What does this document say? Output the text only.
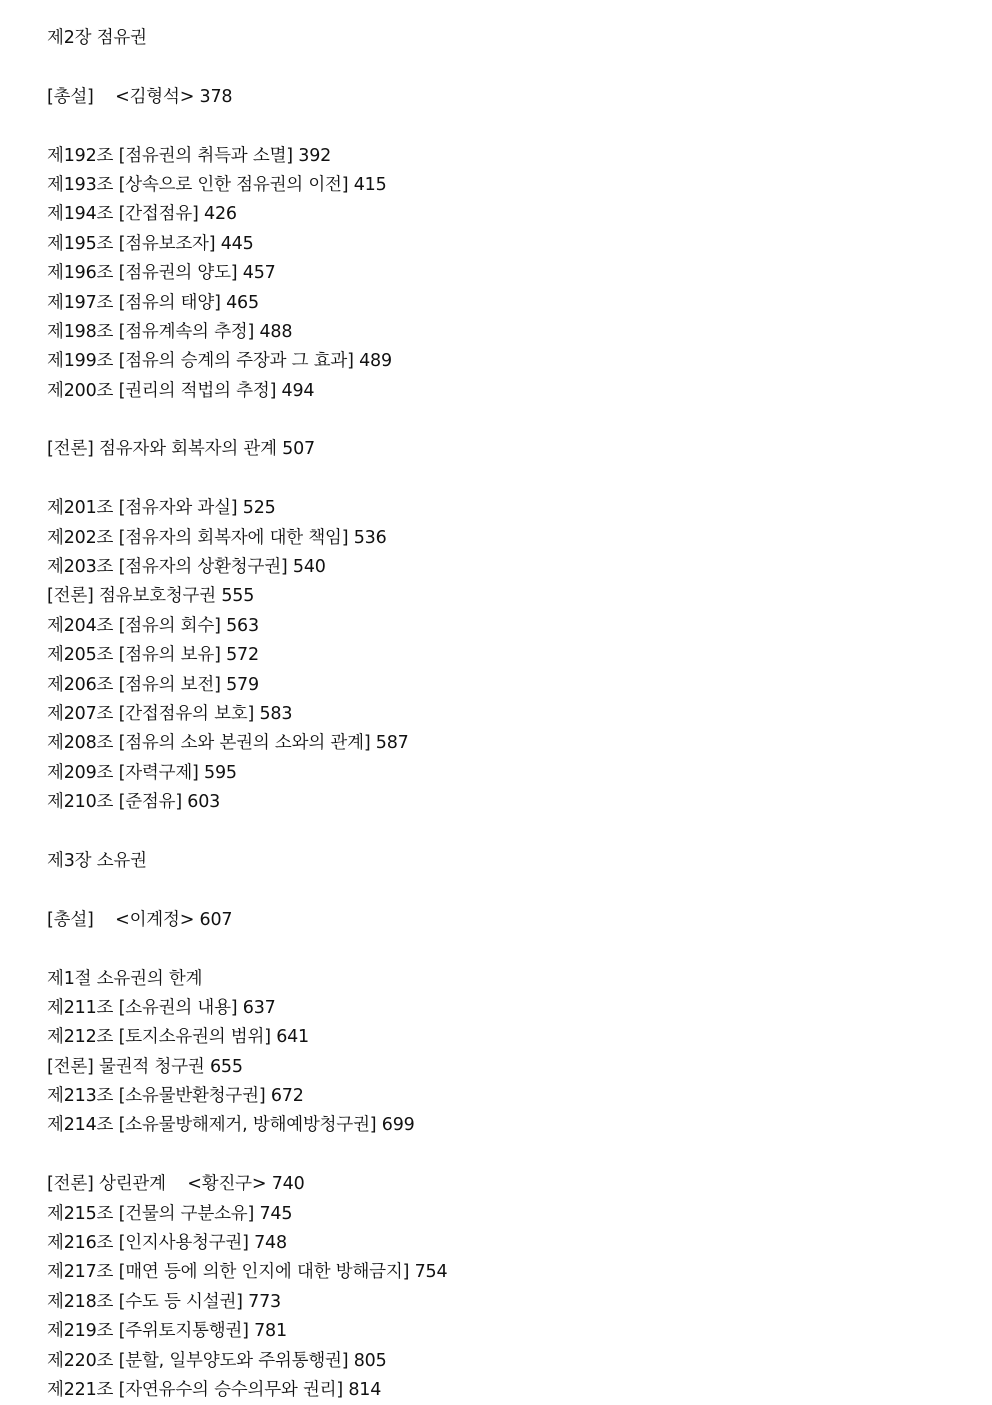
제2장 점유권
[총설]    <김형석> 378
제192조 [점유권의 취득과 소멸] 392
제193조 [상속으로 인한 점유권의 이전] 415
제194조 [간접점유] 426
제195조 [점유보조자] 445
제196조 [점유권의 양도] 457
제197조 [점유의 태양] 465
제198조 [점유계속의 추정] 488
제199조 [점유의 승계의 주장과 그 효과] 489
제200조 [권리의 적법의 추정] 494
[전론] 점유자와 회복자의 관계 507
제201조 [점유자와 과실] 525
제202조 [점유자의 회복자에 대한 책임] 536
제203조 [점유자의 상환청구권] 540
[전론] 점유보호청구권 555
제204조 [점유의 회수] 563
제205조 [점유의 보유] 572
제206조 [점유의 보전] 579
제207조 [간접점유의 보호] 583
제208조 [점유의 소와 본권의 소와의 관계] 587
제209조 [자력구제] 595
제210조 [준점유] 603
제3장 소유권
[총설]    <이계정> 607
제1절 소유권의 한계
제211조 [소유권의 내용] 637
제212조 [토지소유권의 범위] 641
[전론] 물권적 청구권 655
제213조 [소유물반환청구권] 672
제214조 [소유물방해제거, 방해예방청구권] 699
[전론] 상린관계    <황진구> 740
제215조 [건물의 구분소유] 745
제216조 [인지사용청구권] 748
제217조 [매연 등에 의한 인지에 대한 방해금지] 754
제218조 [수도 등 시설권] 773
제219조 [주위토지통행권] 781
제220조 [분할, 일부양도와 주위통행권] 805
제221조 [자연유수의 승수의무와 권리] 814
